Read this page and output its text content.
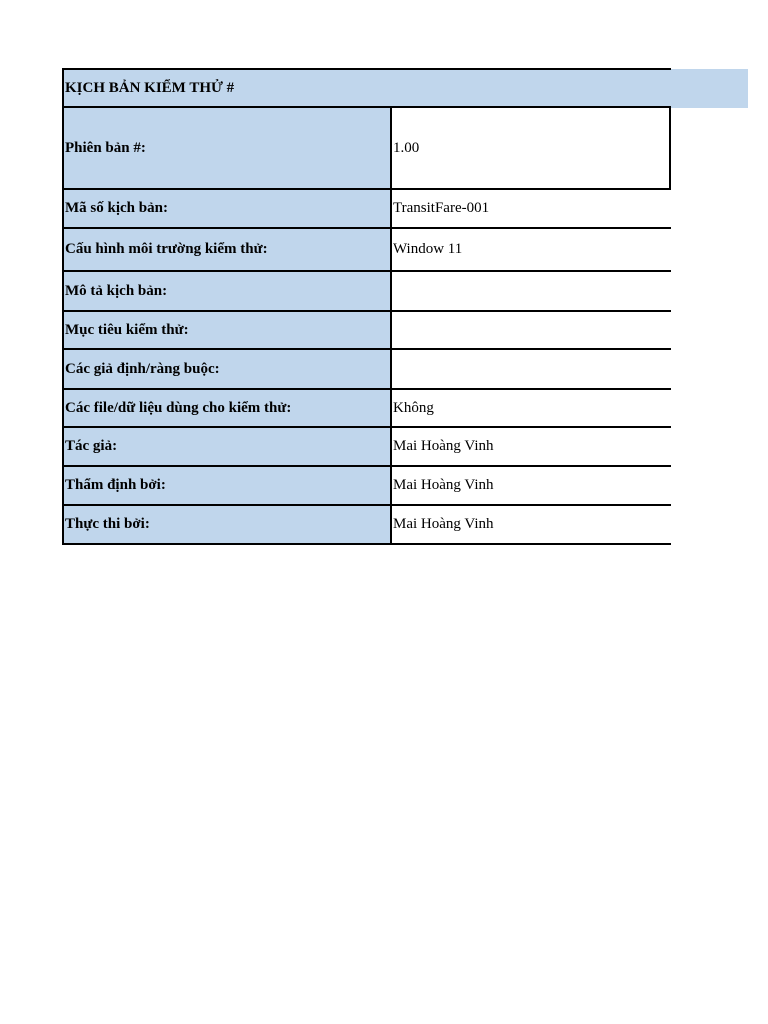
KỊCH BẢN KIỂM THỬ #
Phiên bản #:	1.00
Mã số kịch bản:	TransitFare-001
Cấu hình môi trường kiểm thử:	Window 11
Mô tả kịch bản:
Mục tiêu kiểm thử:
Các giả định/ràng buộc:
Các file/dữ liệu dùng cho kiểm thử:	Không
Tác giả:	Mai Hoàng Vinh
Thẩm định bởi:	Mai Hoàng Vinh
Thực thi bởi:	Mai Hoàng Vinh
